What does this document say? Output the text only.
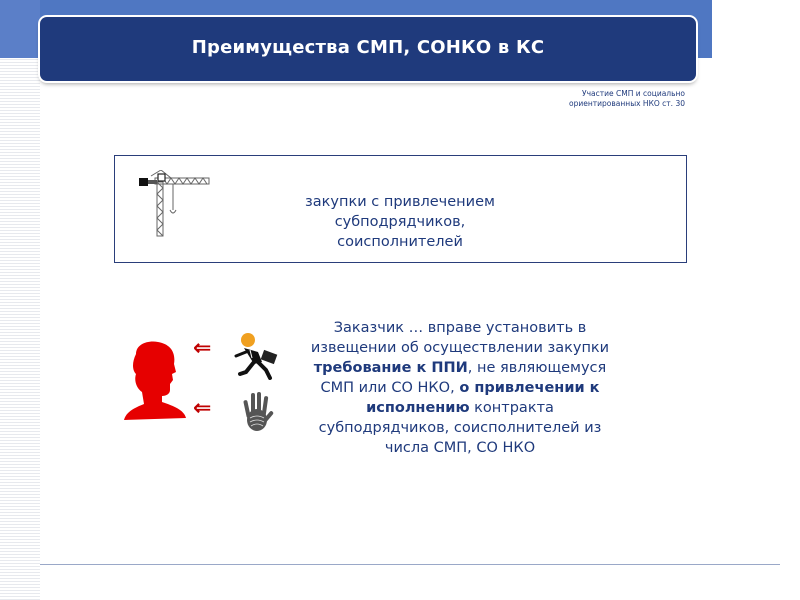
Преимущества СМП, СОНКО в КС
Участие СМП и социально
ориентированных НКО ст. 30
закупки с привлечением субподрядчиков,
соисполнителей
⇐
⇐
Заказчик … вправе установить в извещении об осуществлении закупки требование к ППИ, не являющемуся СМП или СО НКО, о привлечении к исполнению контракта субподрядчиков, соисполнителей из числа СМП, СО НКО
